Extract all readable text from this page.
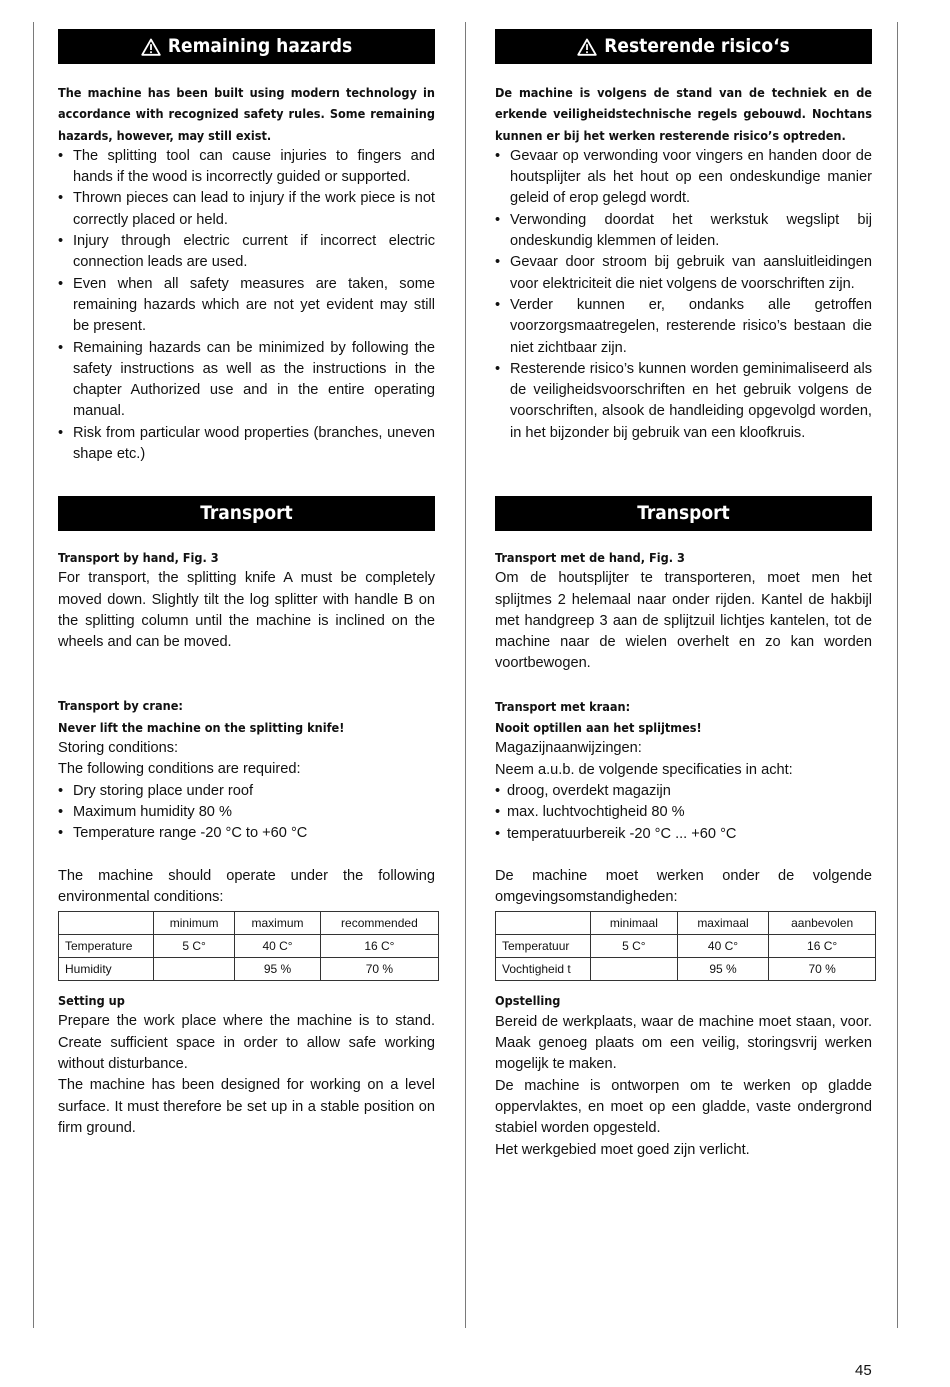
Remaining hazards
The machine has been built using modern technology in accordance with recognized safety rules. Some remaining hazards, however, may still exist.
• The splitting tool can cause injuries to fingers and hands if the wood is incorrectly guided or supported.
• Thrown pieces can lead to injury if the work piece is not correctly placed or held.
• Injury through electric current if incorrect electric connection leads are used.
• Even when all safety measures are taken, some remaining hazards which are not yet evident may still be present.
• Remaining hazards can be minimized by following the safety instructions as well as the instructions in the chapter Authorized use and in the entire operating manual.
• Risk from particular wood properties (branches, uneven shape etc.)
Transport
Transport by hand, Fig. 3

For transport, the splitting knife A must be completely moved down. Slightly tilt the log splitter with handle B on the splitting column until the machine is inclined on the wheels and can be moved.

Transport by crane:
Never lift the machine on the splitting knife!

Storing conditions:

The following conditions are required:

• Dry storing place under roof
• Maximum humidity 80 %
• Temperature range -20 °C to +60 °C

The machine should operate under the following environmental conditions:

	minimum	maximum	recommended
Temperature	5 C°	40 C°	16 C°
Humidity		95 %	70 %
Setting up

Prepare the work place where the machine is to stand. Create sufficient space in order to allow safe working without disturbance.

The machine has been designed for working on a level surface. It must therefore be set up in a stable position on firm ground.

Resterende risico‘s
De machine is volgens de stand van de techniek en de erkende veiligheidstechnische regels gebouwd. Nochtans kunnen er bij het werken resterende risico’s optreden.
• Gevaar op verwonding voor vingers en handen door de houtsplijter als het hout op een ondeskundige manier geleid of erop gelegd wordt.
• Verwonding doordat het werkstuk wegslipt bij ondeskundig klemmen of leiden.
• Gevaar door stroom bij gebruik van aansluitleidingen voor elektriciteit die niet volgens de voorschriften zijn.
• Verder kunnen er, ondanks alle getroffen voorzorgsmaatregelen, resterende risico’s bestaan die niet zichtbaar zijn.
• Resterende risico’s kunnen worden geminimaliseerd als de veiligheidsvoorschriften en het gebruik volgens de voorschriften, alsook de handleiding opgevolgd worden, in het bijzonder bij gebruik van een kloofkruis.
Transport
Transport met de hand, Fig. 3

Om de houtsplijter te transporteren, moet men het splijtmes 2 helemaal naar onder rijden. Kantel de hakbijl met handgreep 3 aan de splijtzuil lichtjes kantelen, tot de machine naar de wielen overhelt en zo kan worden voortbewogen.

Transport met kraan:
Nooit optillen aan het splijtmes!

Magazijnaanwijzingen:

Neem a.u.b. de volgende specificaties in acht:

• droog, overdekt magazijn
• max. luchtvochtigheid 80 %
• temperatuurbereik -20 °C ... +60 °C

De machine moet werken onder de volgende omgevingsomstandigheden:

	minimaal	maximaal	aanbevolen
Temperatuur	5 C°	40 C°	16 C°
Vochtigheid t		95 %	70 %
Opstelling

Bereid de werkplaats, waar de machine moet staan, voor. Maak genoeg plaats om een veilig, storingsvrij werken mogelijk te maken.

De machine is ontworpen om te werken op gladde oppervlaktes, en moet op een gladde, vaste ondergrond stabiel worden opgesteld.

Het werkgebied moet goed zijn verlicht.

45
